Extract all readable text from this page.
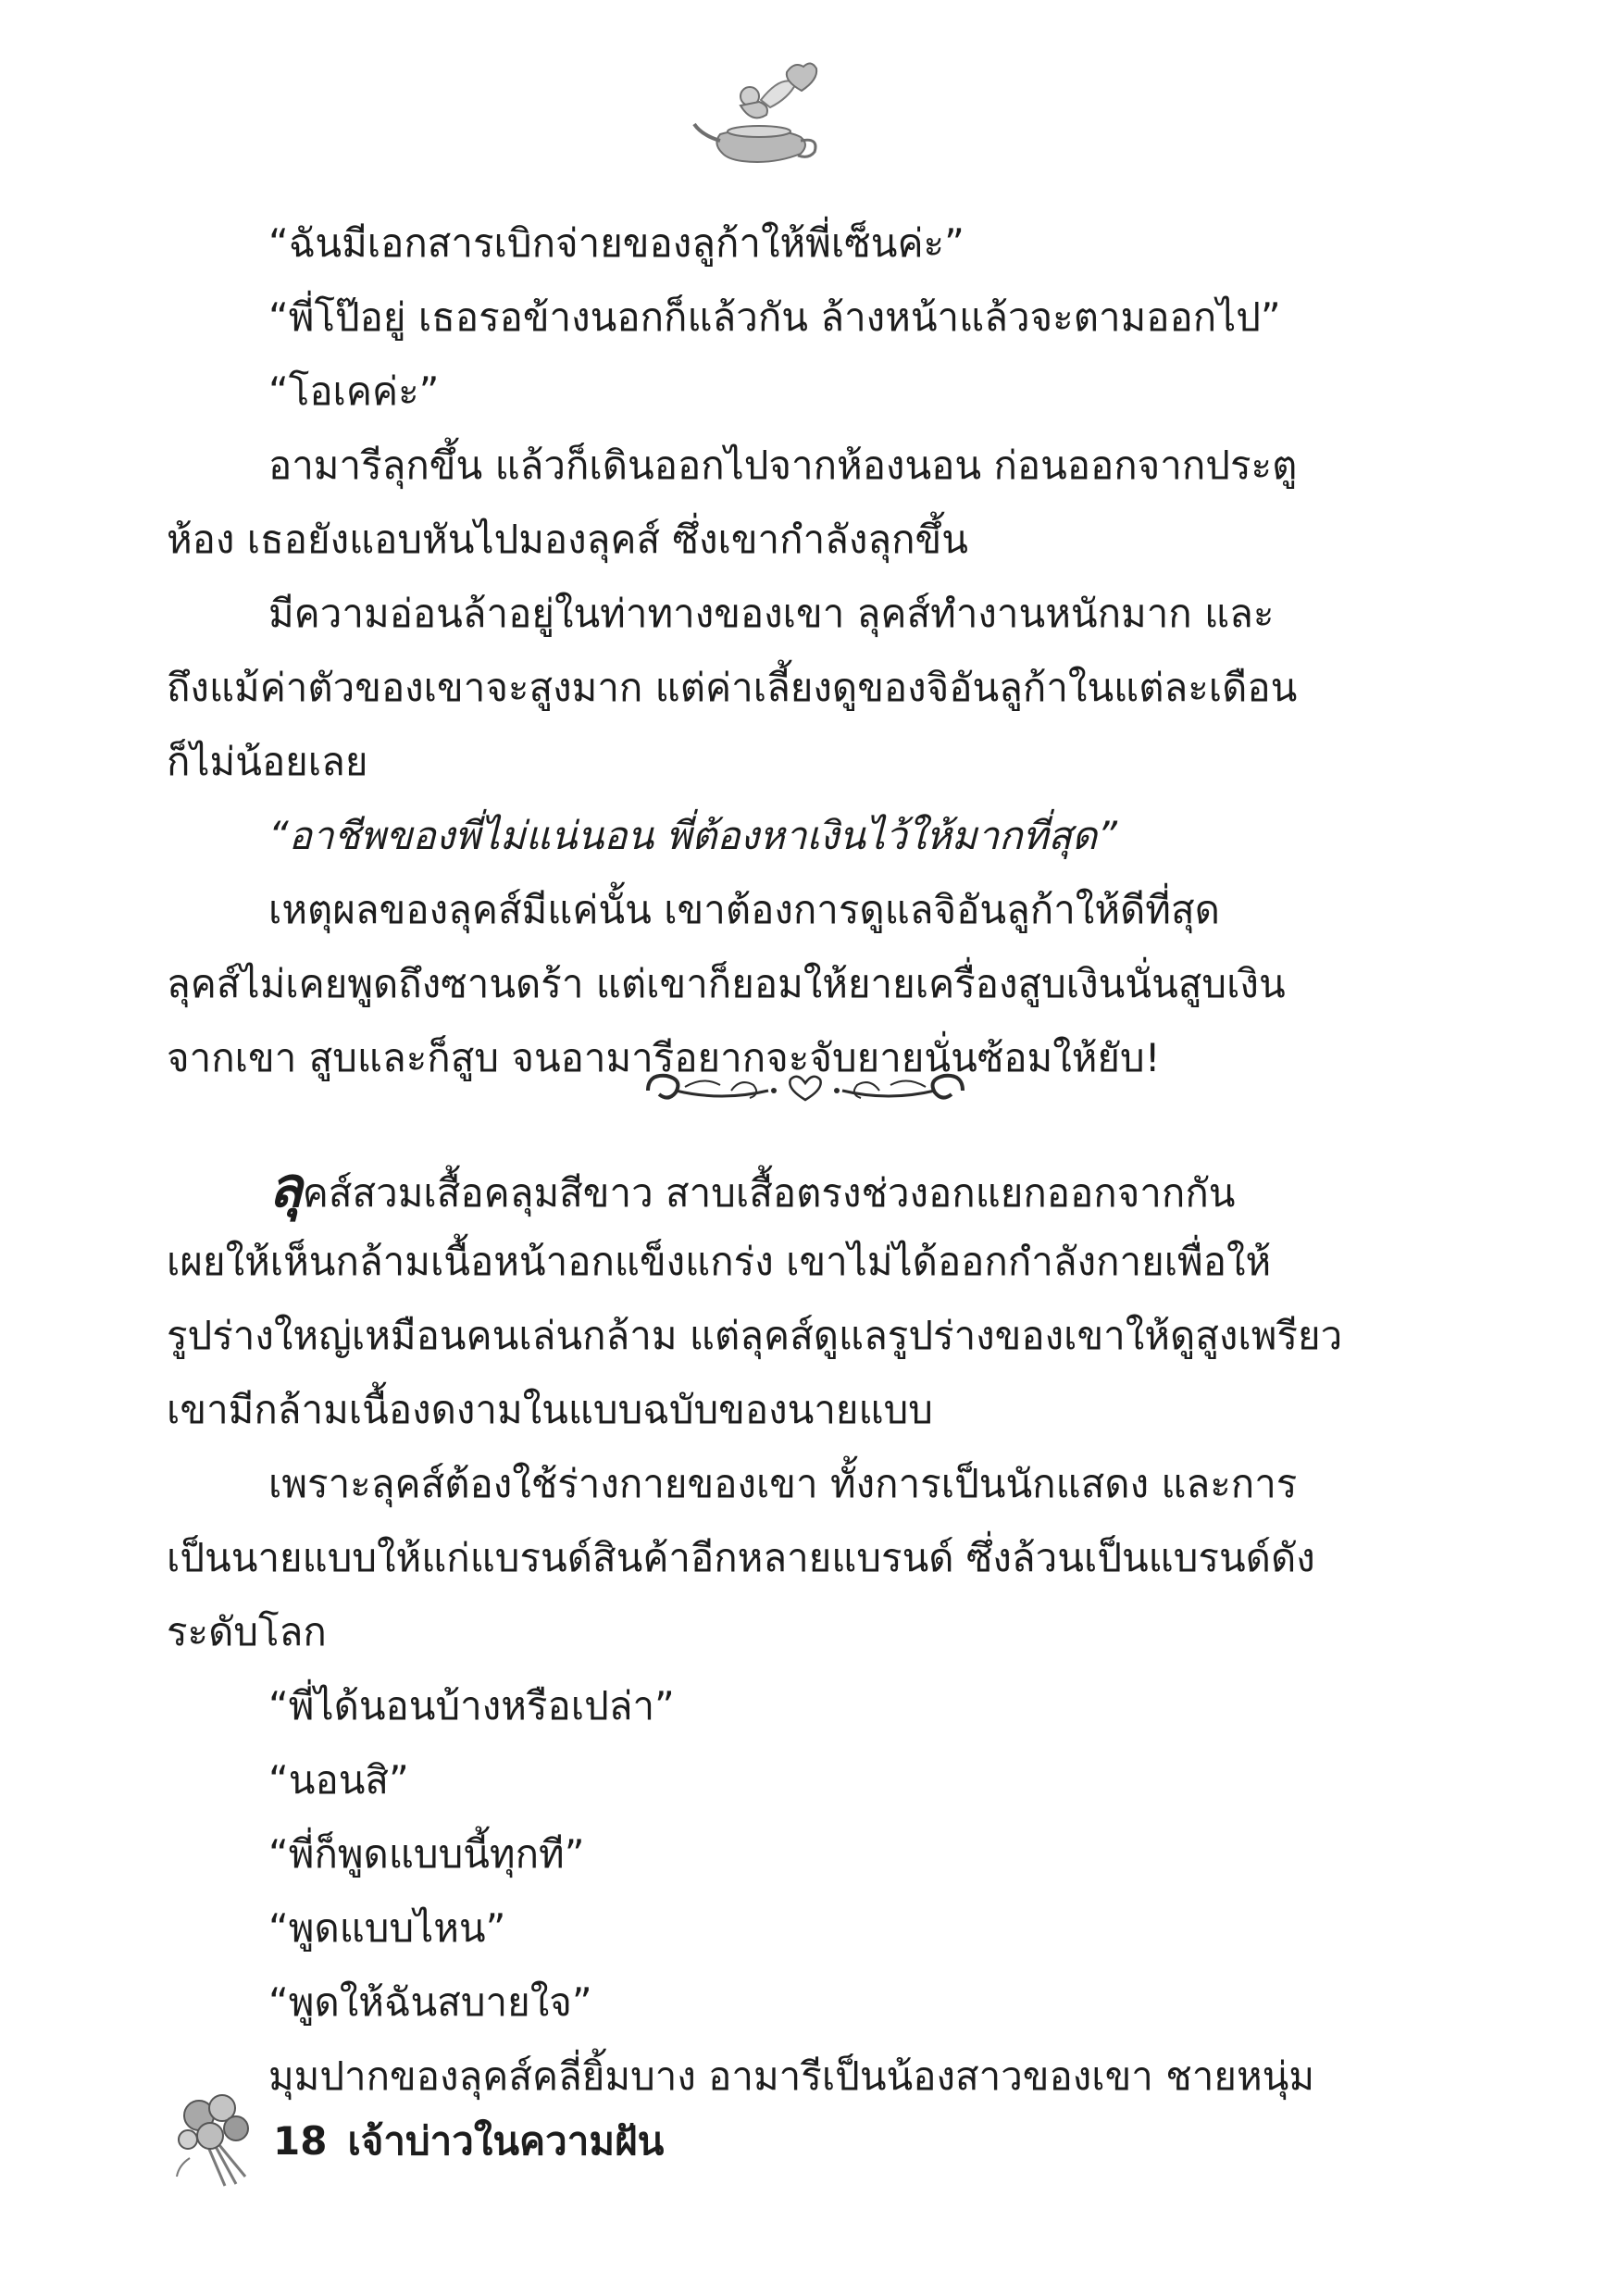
“ฉันมีเอกสารเบิกจ่ายของลูก้าให้พี่เซ็นค่ะ”
“พี่โป๊อยู่ เธอรอข้างนอกก็แล้วกัน ล้างหน้าแล้วจะตามออกไป”
“โอเคค่ะ”
อามารีลุกขึ้น แล้วก็เดินออกไปจากห้องนอน ก่อนออกจากประตู
ห้อง เธอยังแอบหันไปมองลุคส์ ซึ่งเขากำลังลุกขึ้น
มีความอ่อนล้าอยู่ในท่าทางของเขา ลุคส์ทำงานหนักมาก และ
ถึงแม้ค่าตัวของเขาจะสูงมาก แต่ค่าเลี้ยงดูของจิอันลูก้าในแต่ละเดือน
ก็ไม่น้อยเลย
“อาชีพของพี่ไม่แน่นอน พี่ต้องหาเงินไว้ให้มากที่สุด”
เหตุผลของลุคส์มีแค่นั้น เขาต้องการดูแลจิอันลูก้าให้ดีที่สุด
ลุคส์ไม่เคยพูดถึงซานดร้า แต่เขาก็ยอมให้ยายเครื่องสูบเงินนั่นสูบเงิน
จากเขา สูบและก็สูบ จนอามารีอยากจะจับยายนั่นซ้อมให้ยับ!
ลุคส์สวมเสื้อคลุมสีขาว สาบเสื้อตรงช่วงอกแยกออกจากกัน
เผยให้เห็นกล้ามเนื้อหน้าอกแข็งแกร่ง เขาไม่ได้ออกกำลังกายเพื่อให้
รูปร่างใหญ่เหมือนคนเล่นกล้าม แต่ลุคส์ดูแลรูปร่างของเขาให้ดูสูงเพรียว
เขามีกล้ามเนื้องดงามในแบบฉบับของนายแบบ
เพราะลุคส์ต้องใช้ร่างกายของเขา ทั้งการเป็นนักแสดง และการ
เป็นนายแบบให้แก่แบรนด์สินค้าอีกหลายแบรนด์ ซึ่งล้วนเป็นแบรนด์ดัง
ระดับโลก
“พี่ได้นอนบ้างหรือเปล่า”
“นอนสิ”
“พี่ก็พูดแบบนี้ทุกที”
“พูดแบบไหน”
“พูดให้ฉันสบายใจ”
มุมปากของลุคส์คลี่ยิ้มบาง อามารีเป็นน้องสาวของเขา ชายหนุ่ม
18 เจ้าบ่าวในความฝัน
